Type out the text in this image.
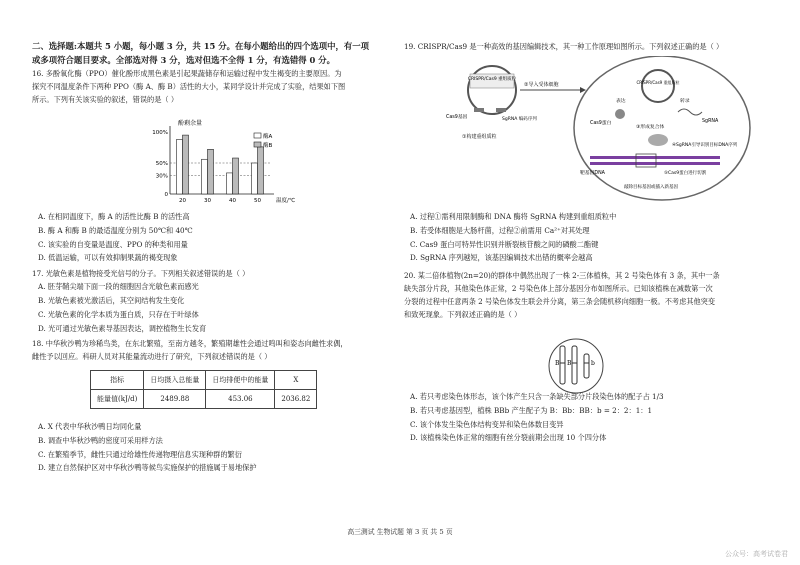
二、选择题:本题共 5 小题，每小题 3 分，共 15 分。在每小题给出的四个选项中，有一项
或多项符合题目要求。全部选对得 3 分，选对但选不全得 1 分，有选错得 0 分。
16. 多酚氧化酶（PPO）催化酚形成黑色素是引起果蔬储存和运输过程中发生褐变的主要原因。为
探究不同温度条件下两种 PPO（酶 A、酶 B）活性的大小，某同学设计并完成了实验，结果如下图
所示。下列有关该实验的叙述，错误的是（ ）
酚剩余量
100%
50%
30%
0
20	30	40	50	温度/℃
酶A
酶B
A. 在相同温度下，酶 A 的活性比酶 B 的活性高
B. 酶 A 和酶 B 的最适温度分别为 50℃和 40℃
C. 该实验的自变量是温度、PPO 的种类和用量
D. 低温运输，可以有效抑制果蔬的褐变现象
17. 光敏色素是植物接受光信号的分子。下列相关叙述错误的是（ ）
A. 胚芽鞘尖端下面一段的细胞因含光敏色素而感光
B. 光敏色素被光激活后，其空间结构发生变化
C. 光敏色素的化学本质为蛋白质，只存在于叶绿体
D. 光可通过光敏色素导基因表达，调控植物生长发育
18. 中华秋沙鸭为珍稀鸟类，在东北繁殖，至南方越冬，繁殖期雄性会通过鸣叫和姿态向雌性求偶，
雌性予以回应。科研人员对其能量流动进行了研究，下列叙述错误的是（ ）
指标	日均摄入总能量	日均排便中的能量	X
能量值(kJ/d)	2489.88	453.06	2036.82
A. X 代表中华秋沙鸭日均同化量
B. 调查中华秋沙鸭的密度可采用样方法
C. 在繁殖季节，雌性只通过给雄性传递物理信息实现种群的繁衍
D. 建立自然保护区对中华秋沙鸭等候鸟实施保护的措施属于易地保护
19. CRISPR/Cas9 是一种高效的基因编辑技术，其一种工作原理如图所示。下列叙述正确的是（ ）
CRISPR/Cas9 重组质粒
Cas9基因	SgRNA 编码序列
①构建重组质粒
②导入受体细胞	CRISPR/Cas9 重组质粒
表达	转录
Cas9蛋白	SgRNA
③形成复合体
④SgRNA引导识别目标DNA序列
靶基因DNA	⑤Cas9蛋白进行切割
敲除目标基因或插入新基因
A. 过程①需利用限制酶和 DNA 酶将 SgRNA 构建到重组质粒中
B. 若受体细胞是大肠杆菌，过程②前需用 Ca²⁺对其处理
C. Cas9 蛋白可特异性识别并断裂核苷酸之间的磷酸二酯键
D. SgRNA 序列越短，该基因编辑技术出错的概率会越高
20. 某二倍体植物(2n=20)的群体中偶然出现了一株 2-三体植株，其 2 号染色体有 3 条，其中一条
缺失部分片段，其他染色体正常，2 号染色体上部分基因分布如图所示。已知该植株在减数第一次
分裂的过程中任意两条 2 号染色体发生联会并分离，第三条会随机移向细胞一极。不考虑其他突变
和致死现象。下列叙述正确的是（ ）
B B	b
A. 若只考虑染色体形态，该个体产生只含一条缺失部分片段染色体的配子占 1/3
B. 若只考虑基因型，植株 BBb 产生配子为 B：Bb：BB：b = 2：2：1：1
C. 该个体发生染色体结构变异和染色体数目变异
D. 该植株染色体正常的细胞有丝分裂前期会出现 10 个四分体
高三测试 生物试题 第 3 页 共 5 页
公众号：高考试卷君
